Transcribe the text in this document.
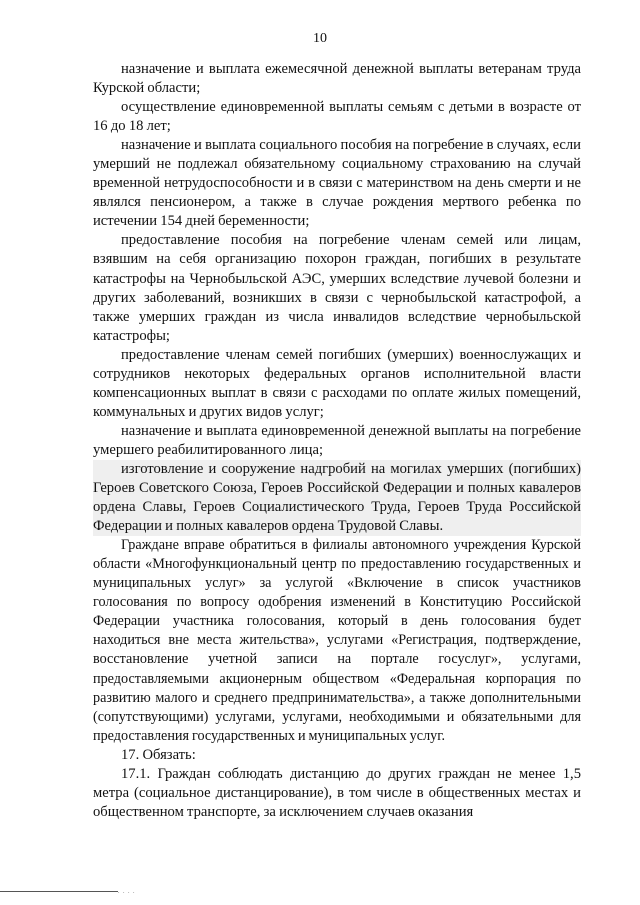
10

назначение и выплата ежемесячной денежной выплаты ветеранам труда Курской области;

осуществление единовременной выплаты семьям с детьми в возрасте от 16 до 18 лет;

назначение и выплата социального пособия на погребение в случаях, если умерший не подлежал обязательному социальному страхованию на случай временной нетрудоспособности и в связи с материнством на день смерти и не являлся пенсионером, а также в случае рождения мертвого ребенка по истечении 154 дней беременности;

предоставление пособия на погребение членам семей или лицам, взявшим на себя организацию похорон граждан, погибших в результате катастрофы на Чернобыльской АЭС, умерших вследствие лучевой болезни и других заболеваний, возникших в связи с чернобыльской катастрофой, а также умерших граждан из числа инвалидов вследствие чернобыльской катастрофы;

предоставление членам семей погибших (умерших) военнослужащих и сотрудников некоторых федеральных органов исполнительной власти компенсационных выплат в связи с расходами по оплате жилых помещений, коммунальных и других видов услуг;

назначение и выплата единовременной денежной выплаты на погребение умершего реабилитированного лица;

изготовление и сооружение надгробий на могилах умерших (погибших) Героев Советского Союза, Героев Российской Федерации и полных кавалеров ордена Славы, Героев Социалистического Труда, Героев Труда Российской Федерации и полных кавалеров ордена Трудовой Славы.

Граждане вправе обратиться в филиалы автономного учреждения Курской области «Многофункциональный центр по предоставлению государственных и муниципальных услуг» за услугой «Включение в список участников голосования по вопросу одобрения изменений в Конституцию Российской Федерации участника голосования, который в день голосования будет находиться вне места жительства», услугами «Регистрация, подтверждение, восстановление учетной записи на портале госуслуг», услугами, предоставляемыми акционерным обществом «Федеральная корпорация по развитию малого и среднего предпринимательства», а также дополнительными (сопутствующими) услугами, услугами, необходимыми и обязательными для предоставления государственных и муниципальных услуг.

17. Обязать:

17.1. Граждан соблюдать дистанцию до других граждан не менее 1,5 метра (социальное дистанцирование), в том числе в общественных местах и общественном транспорте, за исключением случаев оказания

. . . .
